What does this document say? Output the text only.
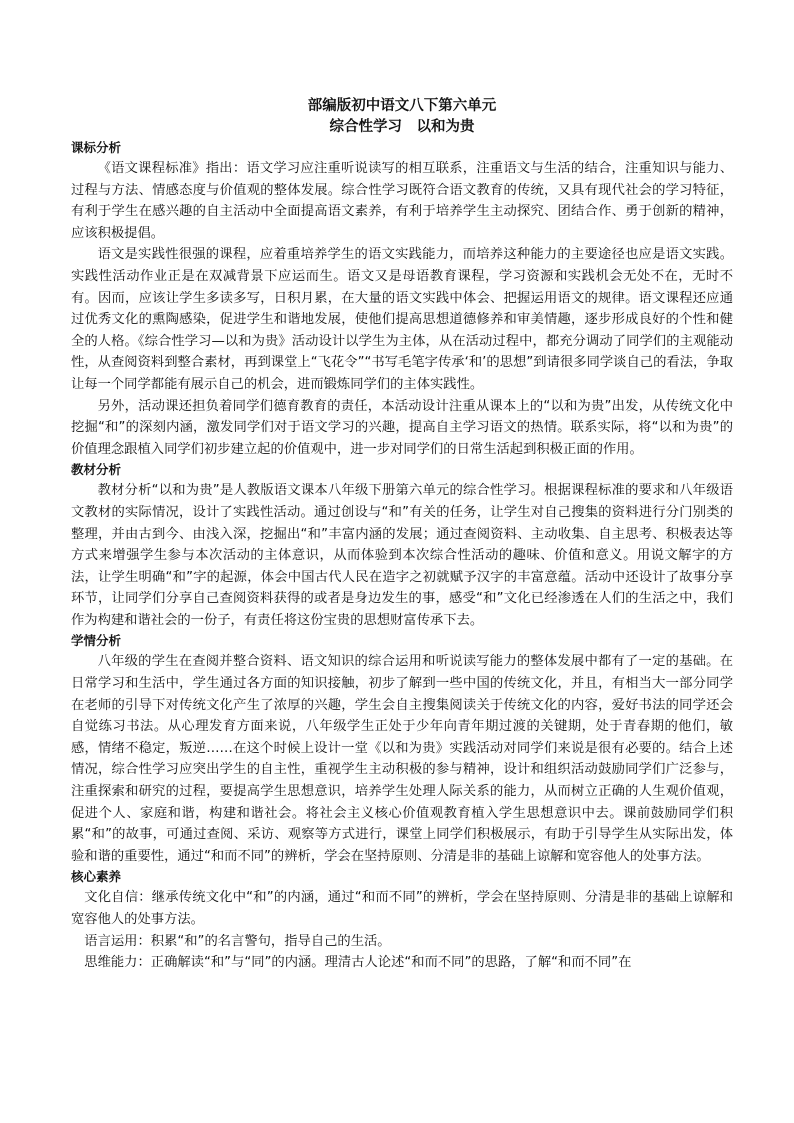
部编版初中语文八下第六单元
综合性学习　以和为贵

课标分析

《语文课程标准》指出：语文学习应注重听说读写的相互联系，注重语文与生活的结合，注重知识与能力、过程与方法、情感态度与价值观的整体发展。综合性学习既符合语文教育的传统，又具有现代社会的学习特征，有利于学生在感兴趣的自主活动中全面提高语文素养，有利于培养学生主动探究、团结合作、勇于创新的精神，应该积极提倡。

语文是实践性很强的课程，应着重培养学生的语文实践能力，而培养这种能力的主要途径也应是语文实践。实践性活动作业正是在双减背景下应运而生。语文又是母语教育课程，学习资源和实践机会无处不在，无时不有。因而，应该让学生多读多写，日积月累，在大量的语文实践中体会、把握运用语文的规律。语文课程还应通过优秀文化的熏陶感染，促进学生和谐地发展，使他们提高思想道德修养和审美情趣，逐步形成良好的个性和健全的人格。《综合性学习—以和为贵》活动设计以学生为主体，从在活动过程中，都充分调动了同学们的主观能动性，从查阅资料到整合素材，再到课堂上“飞花令”“书写毛笔字传承‘和’的思想”到请很多同学谈自己的看法，争取让每一个同学都能有展示自己的机会，进而锻炼同学们的主体实践性。

另外，活动课还担负着同学们德育教育的责任，本活动设计注重从课本上的“以和为贵”出发，从传统文化中挖掘“和”的深刻内涵，激发同学们对于语文学习的兴趣，提高自主学习语文的热情。联系实际，将“以和为贵”的价值理念跟植入同学们初步建立起的价值观中，进一步对同学们的日常生活起到积极正面的作用。

教材分析

教材分析“以和为贵”是人教版语文课本八年级下册第六单元的综合性学习。根据课程标准的要求和八年级语文教材的实际情况，设计了实践性活动。通过创设与“和”有关的任务，让学生对自己搜集的资料进行分门别类的整理，并由古到今、由浅入深，挖掘出“和”丰富内涵的发展；通过查阅资料、主动收集、自主思考、积极表达等方式来增强学生参与本次活动的主体意识，从而体验到本次综合性活动的趣味、价值和意义。用说文解字的方法，让学生明确“和”字的起源，体会中国古代人民在造字之初就赋予汉字的丰富意蕴。活动中还设计了故事分享环节，让同学们分享自己查阅资料获得的或者是身边发生的事，感受“和”文化已经渗透在人们的生活之中，我们作为构建和谐社会的一份子，有责任将这份宝贵的思想财富传承下去。

学情分析

八年级的学生在查阅并整合资料、语文知识的综合运用和听说读写能力的整体发展中都有了一定的基础。在日常学习和生活中，学生通过各方面的知识接触，初步了解到一些中国的传统文化，并且，有相当大一部分同学在老师的引导下对传统文化产生了浓厚的兴趣，学生会自主搜集阅读关于传统文化的内容，爱好书法的同学还会自觉练习书法。从心理发育方面来说，八年级学生正处于少年向青年期过渡的关键期，处于青春期的他们，敏感，情绪不稳定，叛逆……在这个时候上设计一堂《以和为贵》实践活动对同学们来说是很有必要的。结合上述情况，综合性学习应突出学生的自主性，重视学生主动积极的参与精神，设计和组织活动鼓励同学们广泛参与，注重探索和研究的过程，要提高学生思想意识，培养学生处理人际关系的能力，从而树立正确的人生观价值观，促进个人、家庭和谐，构建和谐社会。将社会主义核心价值观教育植入学生思想意识中去。课前鼓励同学们积累“和”的故事，可通过查阅、采访、观察等方式进行，课堂上同学们积极展示，有助于引导学生从实际出发，体验和谐的重要性，通过“和而不同”的辨析，学会在坚持原则、分清是非的基础上谅解和宽容他人的处事方法。

核心素养

文化自信：继承传统文化中“和”的内涵，通过“和而不同”的辨析，学会在坚持原则、分清是非的基础上谅解和宽容他人的处事方法。

语言运用：积累“和”的名言警句，指导自己的生活。

思维能力：正确解读“和”与“同”的内涵。理清古人论述“和而不同”的思路，了解“和而不同”在
